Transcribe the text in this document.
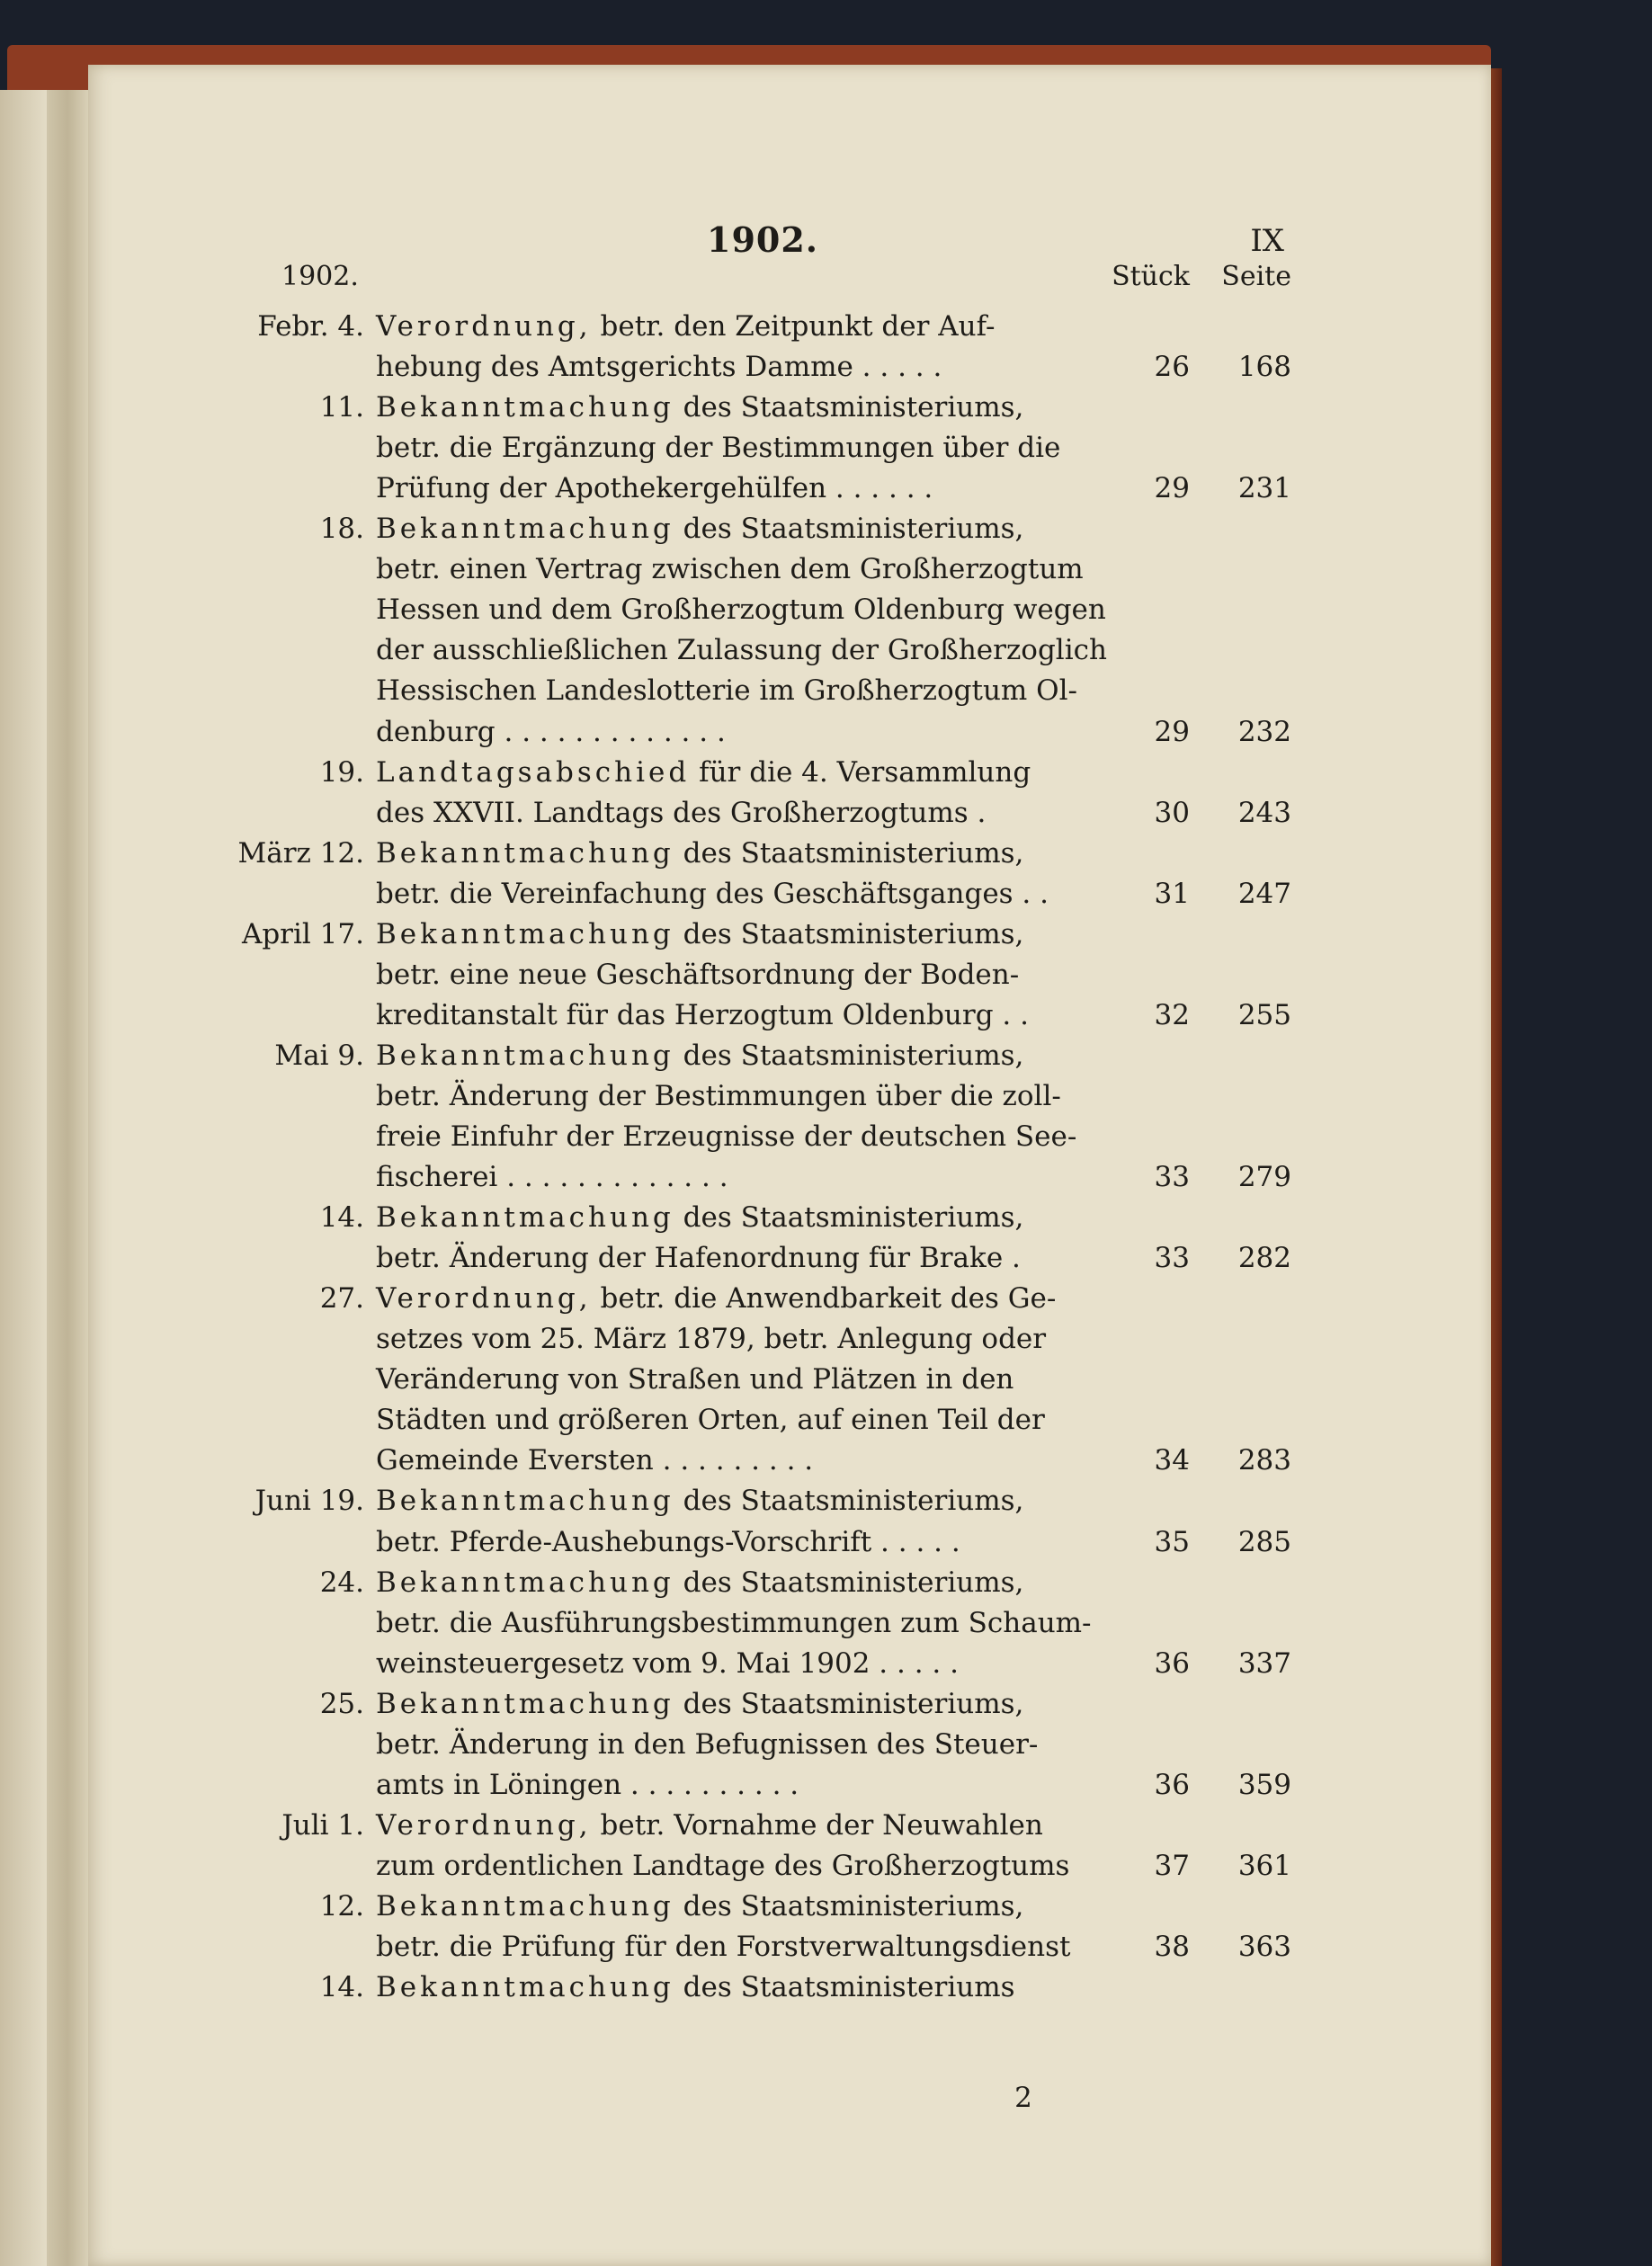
1902.	IX
1902.	Stück	Seite
Febr. 4. Verordnung, betr. den Zeitpunkt der Auf-
hebung des Amtsgerichts Damme . . . . .	26	168
11. Bekanntmachung des Staatsministeriums,
betr. die Ergänzung der Bestimmungen über die
Prüfung der Apothekergehülfen . . . . . .	29	231
18. Bekanntmachung des Staatsministeriums,
betr. einen Vertrag zwischen dem Großherzogtum
Hessen und dem Großherzogtum Oldenburg wegen
der ausschließlichen Zulassung der Großherzoglich
Hessischen Landeslotterie im Großherzogtum Ol-
denburg . . . . . . . . . . . . .	29	232
19. Landtagsabschied für die 4. Versammlung
des XXVII. Landtags des Großherzogtums .	30	243
März 12. Bekanntmachung des Staatsministeriums,
betr. die Vereinfachung des Geschäftsganges . .	31	247
April 17. Bekanntmachung des Staatsministeriums,
betr. eine neue Geschäftsordnung der Boden-
kreditanstalt für das Herzogtum Oldenburg . .	32	255
Mai 9. Bekanntmachung des Staatsministeriums,
betr. Änderung der Bestimmungen über die zoll-
freie Einfuhr der Erzeugnisse der deutschen See-
fischerei . . . . . . . . . . . . .	33	279
14. Bekanntmachung des Staatsministeriums,
betr. Änderung der Hafenordnung für Brake .	33	282
27. Verordnung, betr. die Anwendbarkeit des Ge-
setzes vom 25. März 1879, betr. Anlegung oder
Veränderung von Straßen und Plätzen in den
Städten und größeren Orten, auf einen Teil der
Gemeinde Eversten . . . . . . . . .	34	283
Juni 19. Bekanntmachung des Staatsministeriums,
betr. Pferde-Aushebungs-Vorschrift . . . . .	35	285
24. Bekanntmachung des Staatsministeriums,
betr. die Ausführungsbestimmungen zum Schaum-
weinsteuergesetz vom 9. Mai 1902 . . . . .	36	337
25. Bekanntmachung des Staatsministeriums,
betr. Änderung in den Befugnissen des Steuer-
amts in Löningen . . . . . . . . . .	36	359
Juli 1. Verordnung, betr. Vornahme der Neuwahlen
zum ordentlichen Landtage des Großherzogtums	37	361
12. Bekanntmachung des Staatsministeriums,
betr. die Prüfung für den Forstverwaltungsdienst	38	363
14. Bekanntmachung des Staatsministeriums
2
